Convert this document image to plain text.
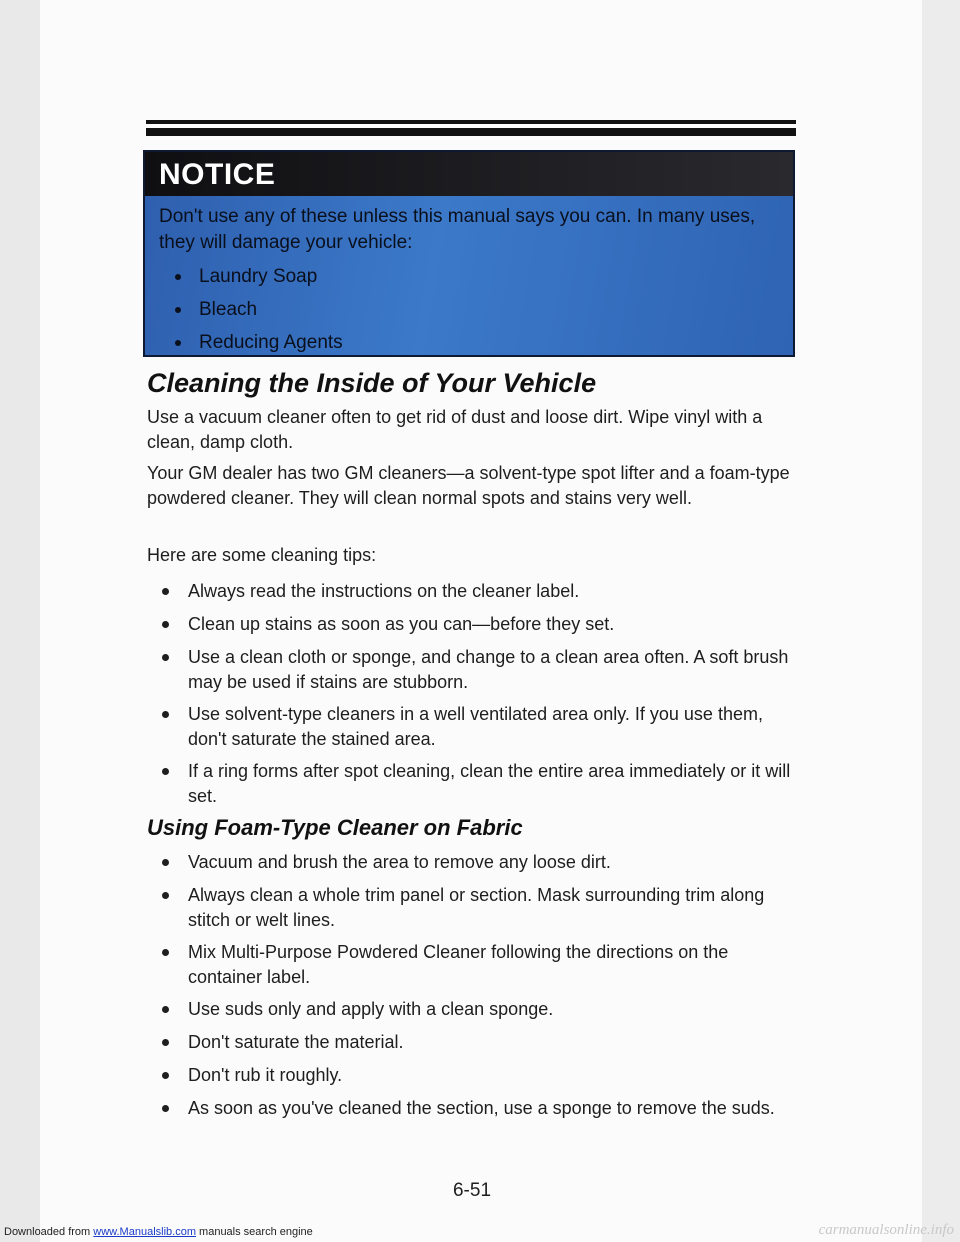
NOTICE
Don't use any of these unless this manual says you can. In many uses, they will damage your vehicle:
Laundry Soap
Bleach
Reducing Agents
Cleaning the Inside of Your Vehicle
Use a vacuum cleaner often to get rid of dust and loose dirt. Wipe vinyl with a clean, damp cloth.
Your GM dealer has two GM cleaners—a solvent-type spot lifter and a foam-type powdered cleaner. They will clean normal spots and stains very well.
Here are some cleaning tips:
Always read the instructions on the cleaner label.
Clean up stains as soon as you can—before they set.
Use a clean cloth or sponge, and change to a clean area often. A soft brush may be used if stains are stubborn.
Use solvent-type cleaners in a well ventilated area only. If you use them, don't saturate the stained area.
If a ring forms after spot cleaning, clean the entire area immediately or it will set.
Using Foam-Type Cleaner on Fabric
Vacuum and brush the area to remove any loose dirt.
Always clean a whole trim panel or section. Mask surrounding trim along stitch or welt lines.
Mix Multi-Purpose Powdered Cleaner following the directions on the container label.
Use suds only and apply with a clean sponge.
Don't saturate the material.
Don't rub it roughly.
As soon as you've cleaned the section, use a sponge to remove the suds.
6-51
Downloaded from www.Manualslib.com manuals search engine	carmanualsonline.info
